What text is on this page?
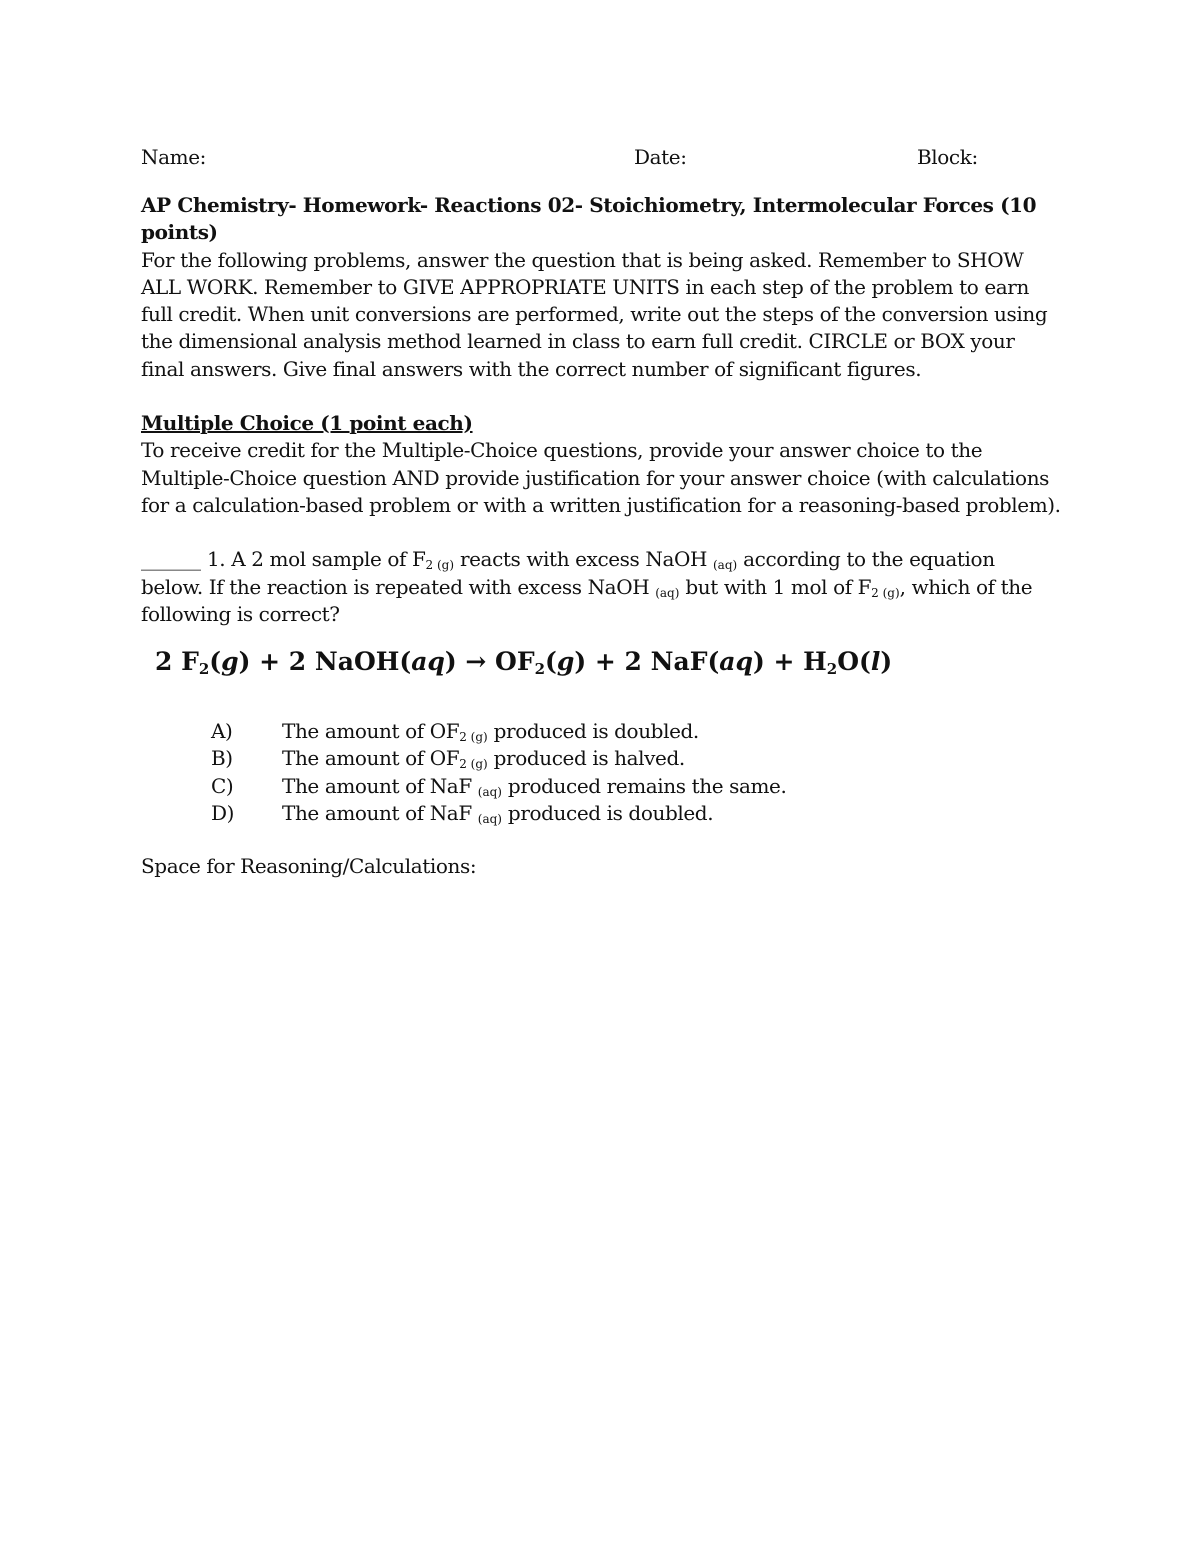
Name:	Date:	Block:
AP Chemistry- Homework- Reactions 02- Stoichiometry, Intermolecular Forces (10 points)

For the following problems, answer the question that is being asked. Remember to SHOW ALL WORK. Remember to GIVE APPROPRIATE UNITS in each step of the problem to earn full credit. When unit conversions are performed, write out the steps of the conversion using the dimensional analysis method learned in class to earn full credit. CIRCLE or BOX your final answers. Give final answers with the correct number of significant figures.

Multiple Choice (1 point each)

To receive credit for the Multiple-Choice questions, provide your answer choice to the Multiple-Choice question AND provide justification for your answer choice (with calculations for a calculation-based problem or with a written justification for a reasoning-based problem).

______ 1. A 2 mol sample of $F_{2 (g)}$ reacts with excess NaOH $_{(aq)}$ according to the equation below. If the reaction is repeated with excess NaOH $_{(aq)}$ but with 1 mol of $F_{2 (g)}$, which of the following is correct?
2 $F_2(g) + 2$ NaOH(aq) → $OF_2(g) + 2$ $NaF(aq) + H_2O(l)$
A) The amount of $OF_{2 (g)}$ produced is doubled.
B) The amount of $OF_{2 (g)}$ produced is halved.
C) The amount of NaF $_{(aq)}$ produced remains the same.
D) The amount of NaF $_{(aq)}$ produced is doubled.
Space for Reasoning/Calculations:
